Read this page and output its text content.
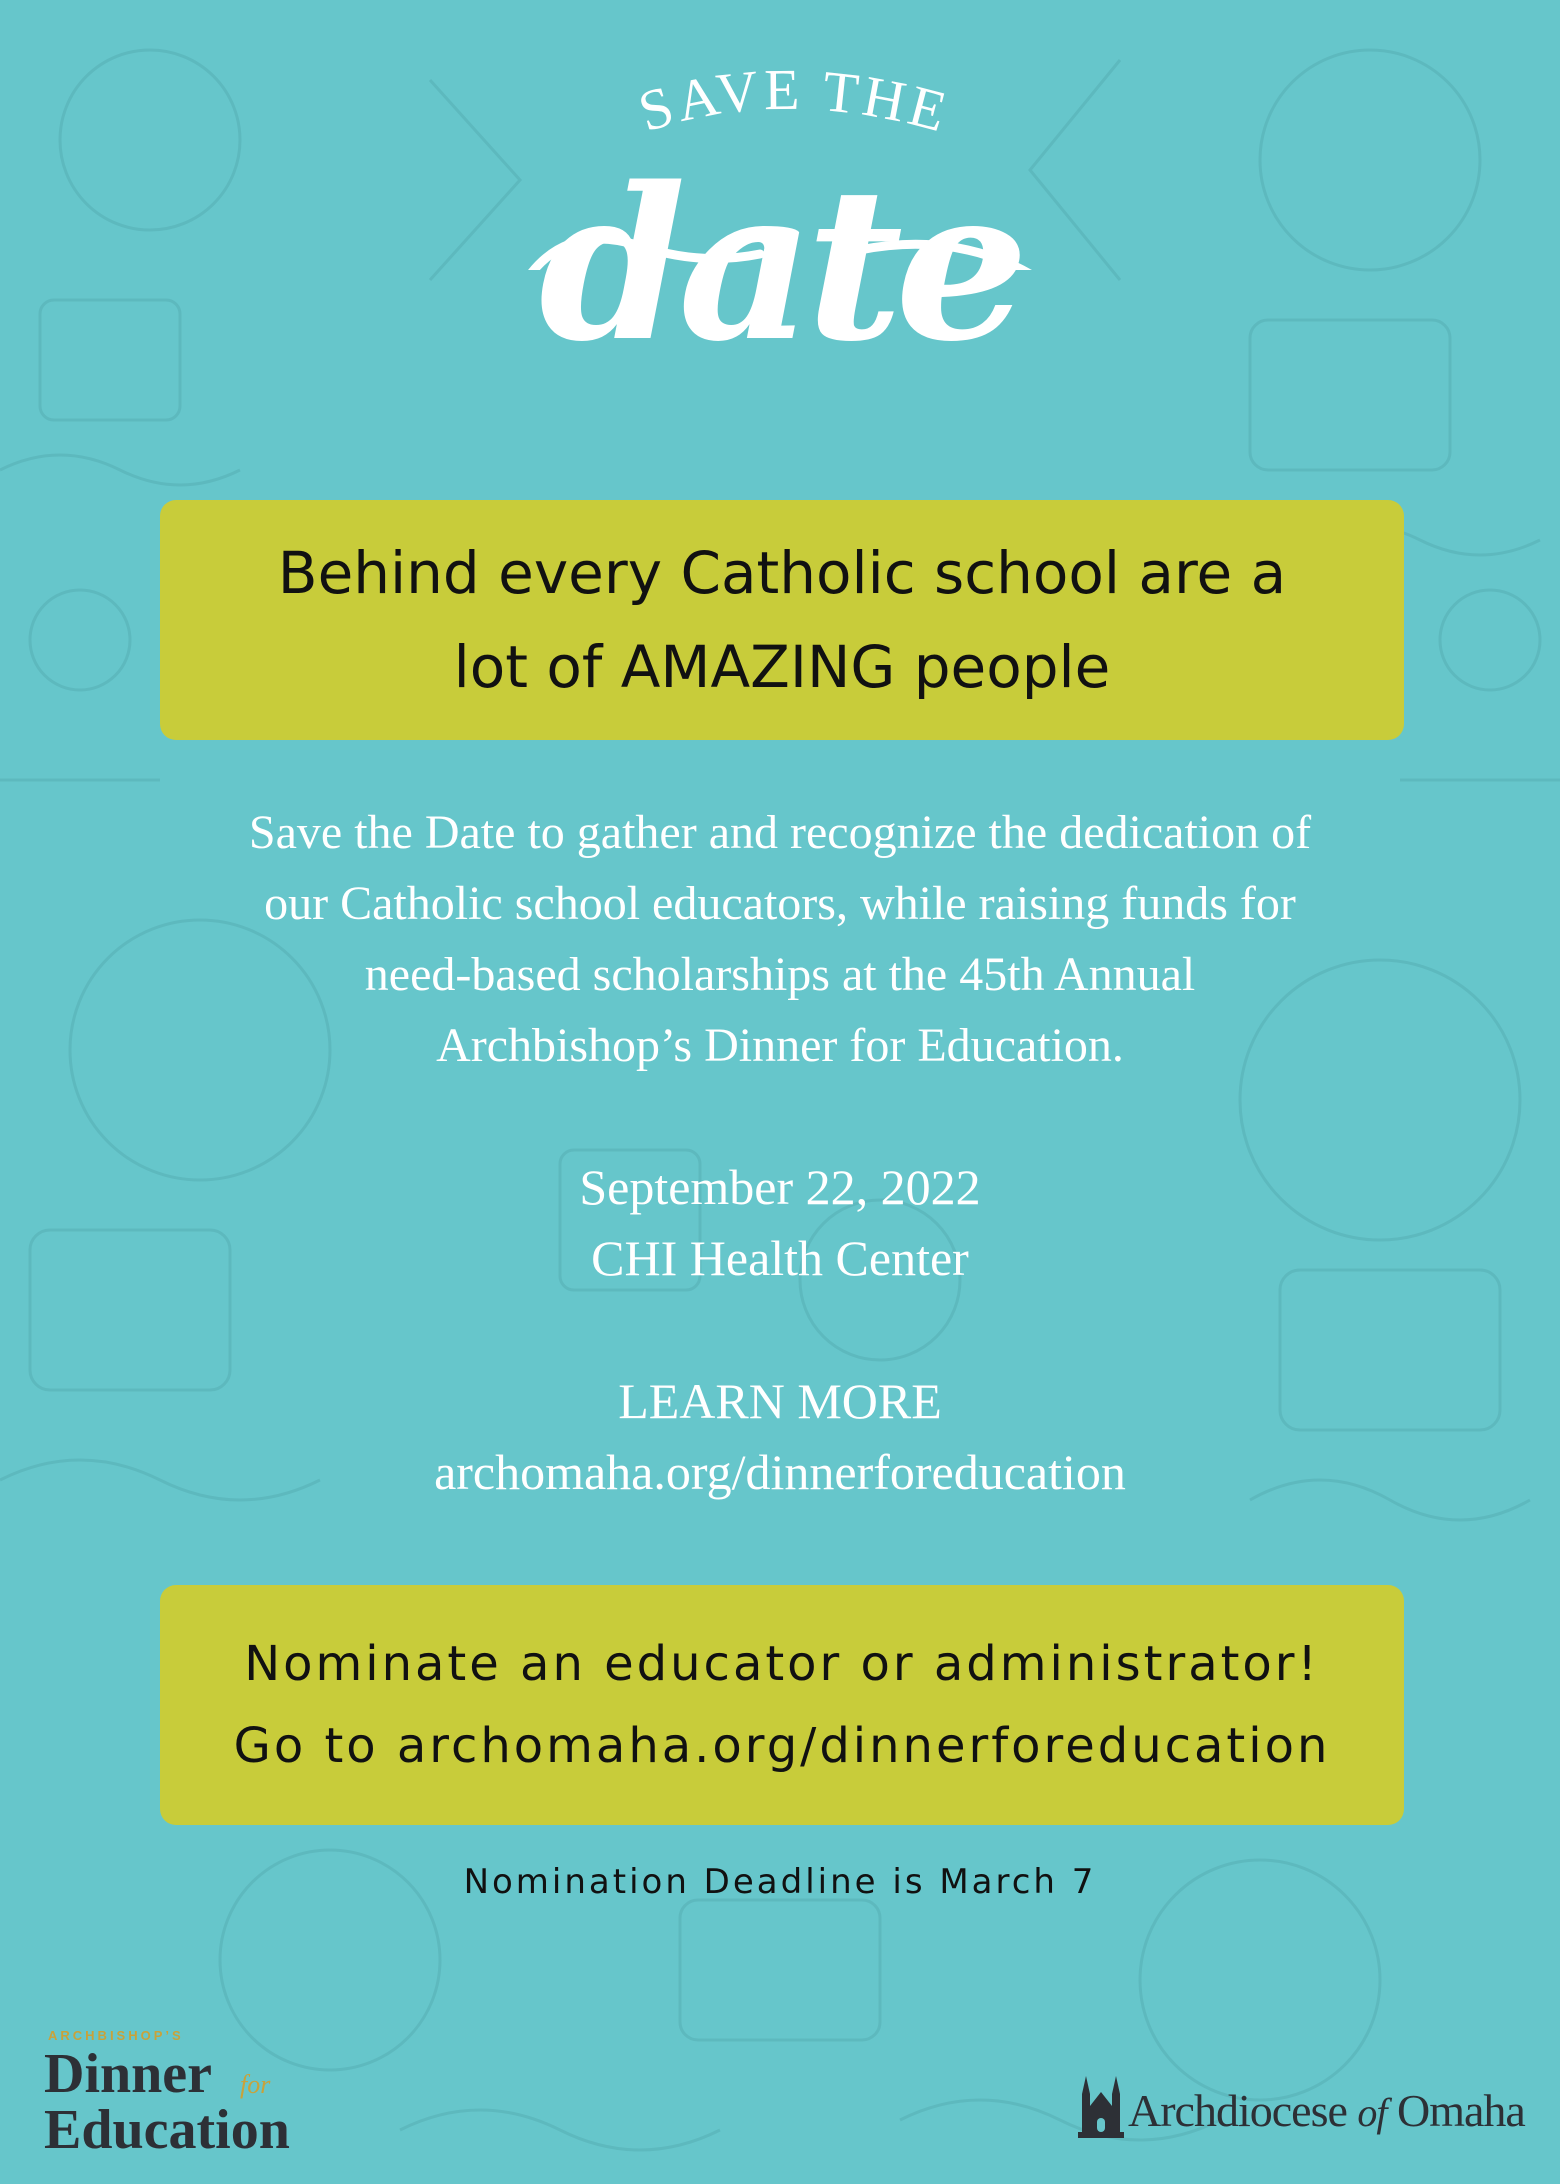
SAVE THE
date
Behind every Catholic school are a
lot of AMAZING people
Save the Date to gather and recognize the dedication of
our Catholic school educators, while raising funds for
need-based scholarships at the 45th Annual
Archbishop’s Dinner for Education.
September 22, 2022
CHI Health Center
LEARN MORE
archomaha.org/dinnerforeducation
Nominate an educator or administrator!
Go to archomaha.org/dinnerforeducation
Nomination Deadline is March 7
ARCHBISHOP’S
Dinner for
Education	Archdiocese of Omaha
